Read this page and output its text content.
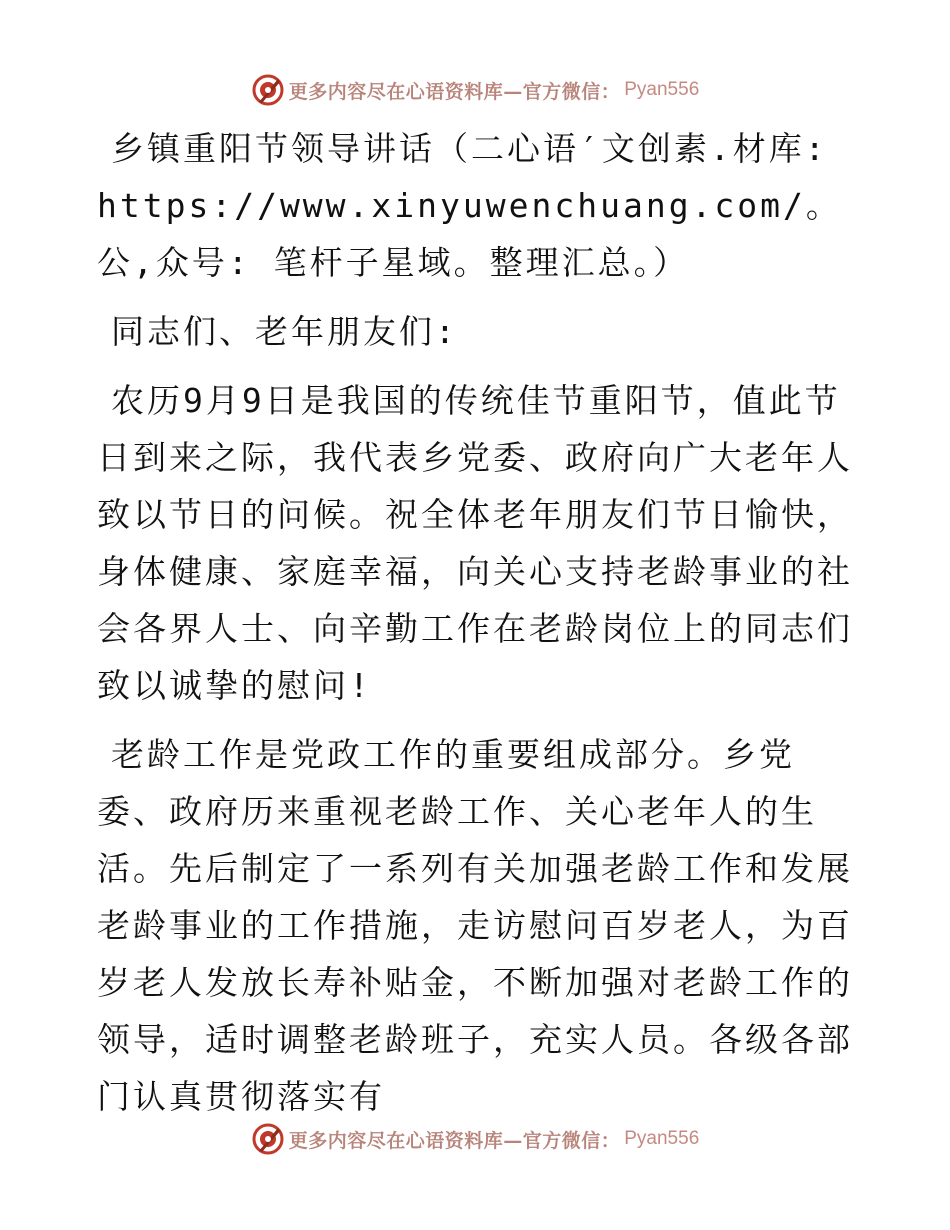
更多内容尽在心语资料库—官方微信： Pyan556

乡镇重阳节领导讲话（二心语′文创素.材库: https://www.xinyuwenchuang.com/。公,众号: 笔杆子星域。整理汇总。）

同志们、老年朋友们:

农历9月9日是我国的传统佳节重阳节，值此节日到来之际，我代表乡党委、政府向广大老年人致以节日的问候。祝全体老年朋友们节日愉快，身体健康、家庭幸福，向关心支持老龄事业的社会各界人士、向辛勤工作在老龄岗位上的同志们致以诚挚的慰问!

老龄工作是党政工作的重要组成部分。乡党委、政府历来重视老龄工作、关心老年人的生活。先后制定了一系列有关加强老龄工作和发展老龄事业的工作措施，走访慰问百岁老人，为百岁老人发放长寿补贴金，不断加强对老龄工作的领导，适时调整老龄班子，充实人员。各级各部门认真贯彻落实有

更多内容尽在心语资料库—官方微信： Pyan556
